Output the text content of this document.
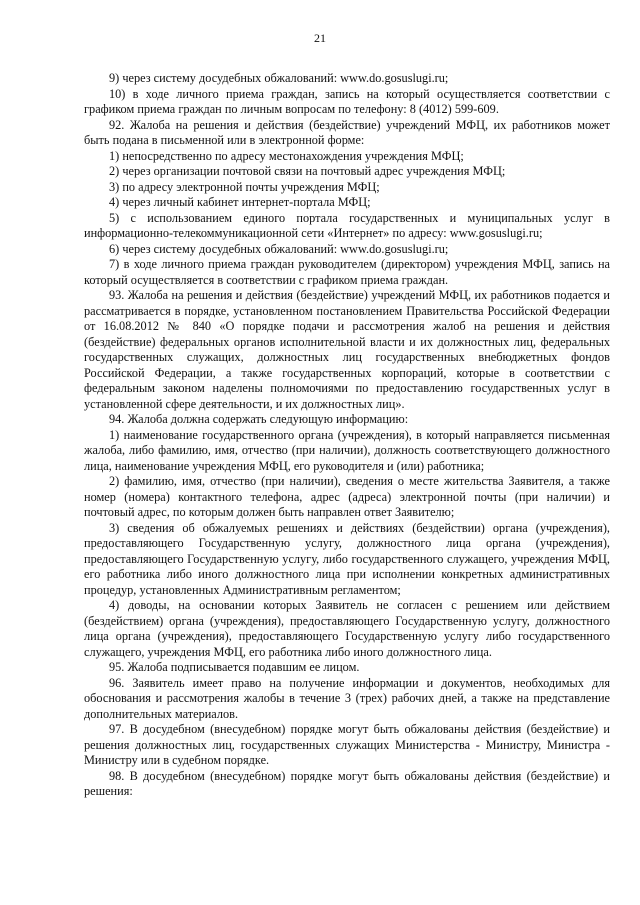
21

9) через систему досудебных обжалований: www.do.gosuslugi.ru;

10) в ходе личного приема граждан, запись на который осуществляется соответствии с графиком приема граждан по личным вопросам по телефону: 8 (4012) 599-609.

92. Жалоба на решения и действия (бездействие) учреждений МФЦ, их работников может быть подана в письменной или в электронной форме:

1) непосредственно по адресу местонахождения учреждения МФЦ;

2) через организации почтовой связи на почтовый адрес учреждения МФЦ;

3) по адресу электронной почты учреждения МФЦ;

4) через личный кабинет интернет-портала МФЦ;

5) с использованием единого портала государственных и муниципальных услуг в информационно-телекоммуникационной сети «Интернет» по адресу: www.gosuslugi.ru;

6) через систему досудебных обжалований: www.do.gosuslugi.ru;

7) в ходе личного приема граждан руководителем (директором) учреждения МФЦ, запись на который осуществляется в соответствии с графиком приема граждан.

93. Жалоба на решения и действия (бездействие) учреждений МФЦ, их работников подается и рассматривается в порядке, установленном постановлением Правительства Российской Федерации от 16.08.2012 № 840 «О порядке подачи и рассмотрения жалоб на решения и действия (бездействие) федеральных органов исполнительной власти и их должностных лиц, федеральных государственных служащих, должностных лиц государственных внебюджетных фондов Российской Федерации, а также государственных корпораций, которые в соответствии с федеральным законом наделены полномочиями по предоставлению государственных услуг в установленной сфере деятельности, и их должностных лиц».

94. Жалоба должна содержать следующую информацию:

1) наименование государственного органа (учреждения), в который направляется письменная жалоба, либо фамилию, имя, отчество (при наличии), должность соответствующего должностного лица, наименование учреждения МФЦ, его руководителя и (или) работника;

2) фамилию, имя, отчество (при наличии), сведения о месте жительства Заявителя, а также номер (номера) контактного телефона, адрес (адреса) электронной почты (при наличии) и почтовый адрес, по которым должен быть направлен ответ Заявителю;

3) сведения об обжалуемых решениях и действиях (бездействии) органа (учреждения), предоставляющего Государственную услугу, должностного лица органа (учреждения), предоставляющего Государственную услугу, либо государственного служащего, учреждения МФЦ, его работника либо иного должностного лица при исполнении конкретных административных процедур, установленных Административным регламентом;

4) доводы, на основании которых Заявитель не согласен с решением или действием (бездействием) органа (учреждения), предоставляющего Государственную услугу, должностного лица органа (учреждения), предоставляющего Государственную услугу либо государственного служащего, учреждения МФЦ, его работника либо иного должностного лица.

95. Жалоба подписывается подавшим ее лицом.

96. Заявитель имеет право на получение информации и документов, необходимых для обоснования и рассмотрения жалобы в течение 3 (трех) рабочих дней, а также на представление дополнительных материалов.

97. В досудебном (внесудебном) порядке могут быть обжалованы действия (бездействие) и решения должностных лиц, государственных служащих Министерства - Министру, Министра - Министру или в судебном порядке.

98. В досудебном (внесудебном) порядке могут быть обжалованы действия (бездействие) и решения:
